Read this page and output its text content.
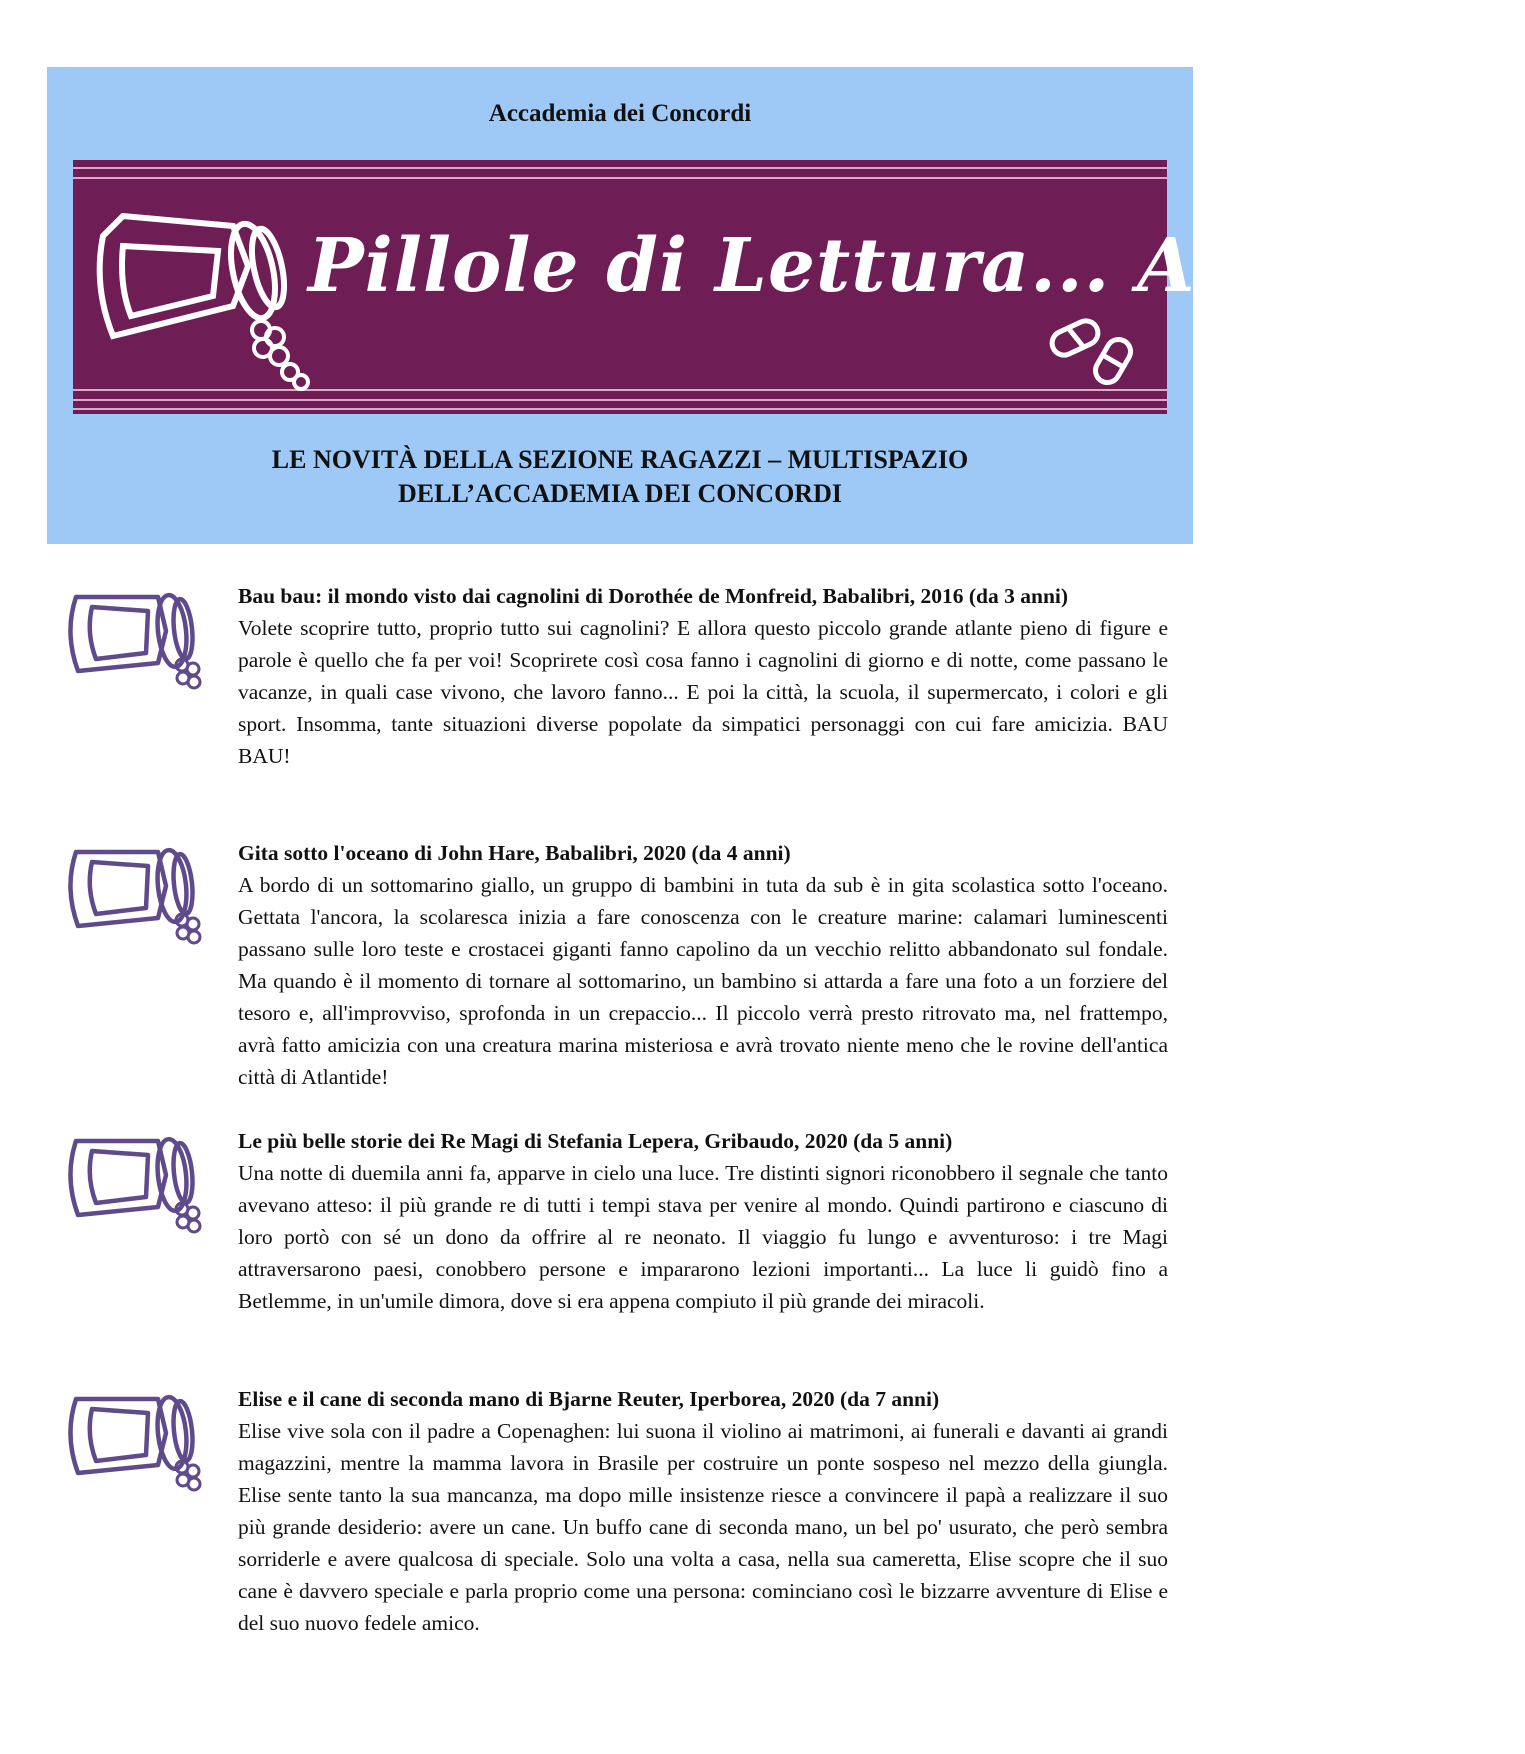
Accademia dei Concordi
Pillole di Lettura... Antivirus
LE NOVITÀ DELLA SEZIONE RAGAZZI – MULTISPAZIO
DELL’ACCADEMIA DEI CONCORDI
Bau bau: il mondo visto dai cagnolini di Dorothée de Monfreid, Babalibri, 2016 (da 3 anni)
Volete scoprire tutto, proprio tutto sui cagnolini? E allora questo piccolo grande atlante pieno di figure e parole è quello che fa per voi! Scoprirete così cosa fanno i cagnolini di giorno e di notte, come passano le vacanze, in quali case vivono, che lavoro fanno... E poi la città, la scuola, il supermercato, i colori e gli sport. Insomma, tante situazioni diverse popolate da simpatici personaggi con cui fare amicizia. BAU BAU!
Gita sotto l'oceano di John Hare, Babalibri, 2020 (da 4 anni)
A bordo di un sottomarino giallo, un gruppo di bambini in tuta da sub è in gita scolastica sotto l'oceano. Gettata l'ancora, la scolaresca inizia a fare conoscenza con le creature marine: calamari luminescenti passano sulle loro teste e crostacei giganti fanno capolino da un vecchio relitto abbandonato sul fondale. Ma quando è il momento di tornare al sottomarino, un bambino si attarda a fare una foto a un forziere del tesoro e, all'improvviso, sprofonda in un crepaccio... Il piccolo verrà presto ritrovato ma, nel frattempo, avrà fatto amicizia con una creatura marina misteriosa e avrà trovato niente meno che le rovine dell'antica città di Atlantide!
Le più belle storie dei Re Magi di Stefania Lepera, Gribaudo, 2020 (da 5 anni)
Una notte di duemila anni fa, apparve in cielo una luce. Tre distinti signori riconobbero il segnale che tanto avevano atteso: il più grande re di tutti i tempi stava per venire al mondo. Quindi partirono e ciascuno di loro portò con sé un dono da offrire al re neonato. Il viaggio fu lungo e avventuroso: i tre Magi attraversarono paesi, conobbero persone e impararono lezioni importanti... La luce li guidò fino a Betlemme, in un'umile dimora, dove si era appena compiuto il più grande dei miracoli.
Elise e il cane di seconda mano di Bjarne Reuter, Iperborea, 2020 (da 7 anni)
Elise vive sola con il padre a Copenaghen: lui suona il violino ai matrimoni, ai funerali e davanti ai grandi magazzini, mentre la mamma lavora in Brasile per costruire un ponte sospeso nel mezzo della giungla. Elise sente tanto la sua mancanza, ma dopo mille insistenze riesce a convincere il papà a realizzare il suo più grande desiderio: avere un cane. Un buffo cane di seconda mano, un bel po' usurato, che però sembra sorriderle e avere qualcosa di speciale. Solo una volta a casa, nella sua cameretta, Elise scopre che il suo cane è davvero speciale e parla proprio come una persona: cominciano così le bizzarre avventure di Elise e del suo nuovo fedele amico.
